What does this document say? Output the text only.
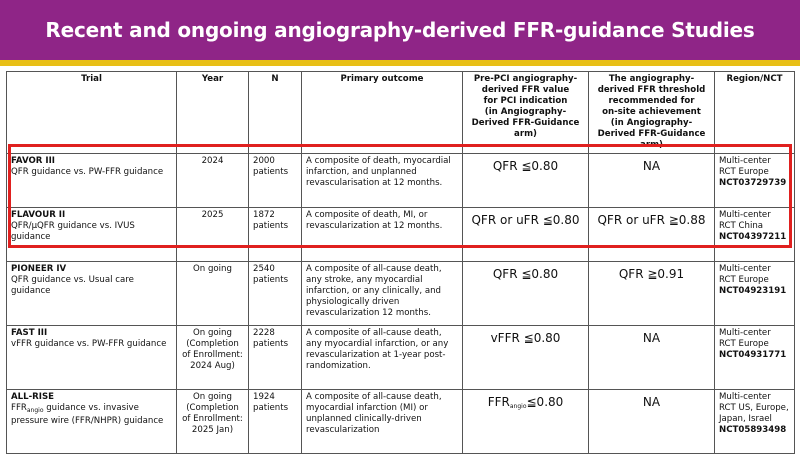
Recent and ongoing angiography-derived FFR-guidance Studies
Trial	Year	N	Primary outcome	Pre-PCI angiography-derived FFR value
for PCI indication
(in Angiography-Derived FFR-Guidance arm)	The angiography-derived FFR threshold recommended for
on-site achievement
(in Angiography-Derived FFR-Guidance arm)	Region/NCT

FAVOR III
QFR guidance vs. PW-FFR guidance	2024	2000 patients	A composite of death, myocardial infarction, and unplanned revascularisation at 12 months.	QFR ≦0.80	NA	Multi-center RCT Europe
NCT03729739

FLAVOUR II
QFR/μQFR guidance vs. IVUS guidance	2025	1872 patients	A composite of death, MI, or revascularization at 12 months.	QFR or uFR ≦0.80	QFR or uFR ≧0.88	Multi-center RCT China
NCT04397211

PIONEER IV
QFR guidance vs. Usual care guidance	On going	2540 patients	A composite of all-cause death, any stroke, any myocardial infarction, or any clinically, and physiologically driven revascularization 12 months.	QFR ≦0.80	QFR ≧0.91	Multi-center RCT Europe
NCT04923191

FAST III
vFFR guidance vs. PW-FFR guidance	On going (Completion of Enrollment: 2024 Aug)	2228 patients	A composite of all-cause death, any myocardial infarction, or any revascularization at 1-year post-randomization.	vFFR ≦0.80	NA	Multi-center RCT Europe
NCT04931771

ALL-RISE
$FFR_{angio}$ guidance vs. invasive pressure wire (FFR/NHPR) guidance	On going (Completion of Enrollment: 2025 Jan)	1924 patients	A composite of all-cause death, myocardial infarction (MI) or unplanned clinically-driven revascularization	$FFR_{angio}≦0.80$	NA	Multi-center RCT US, Europe, Japan, Israel
NCT05893498
